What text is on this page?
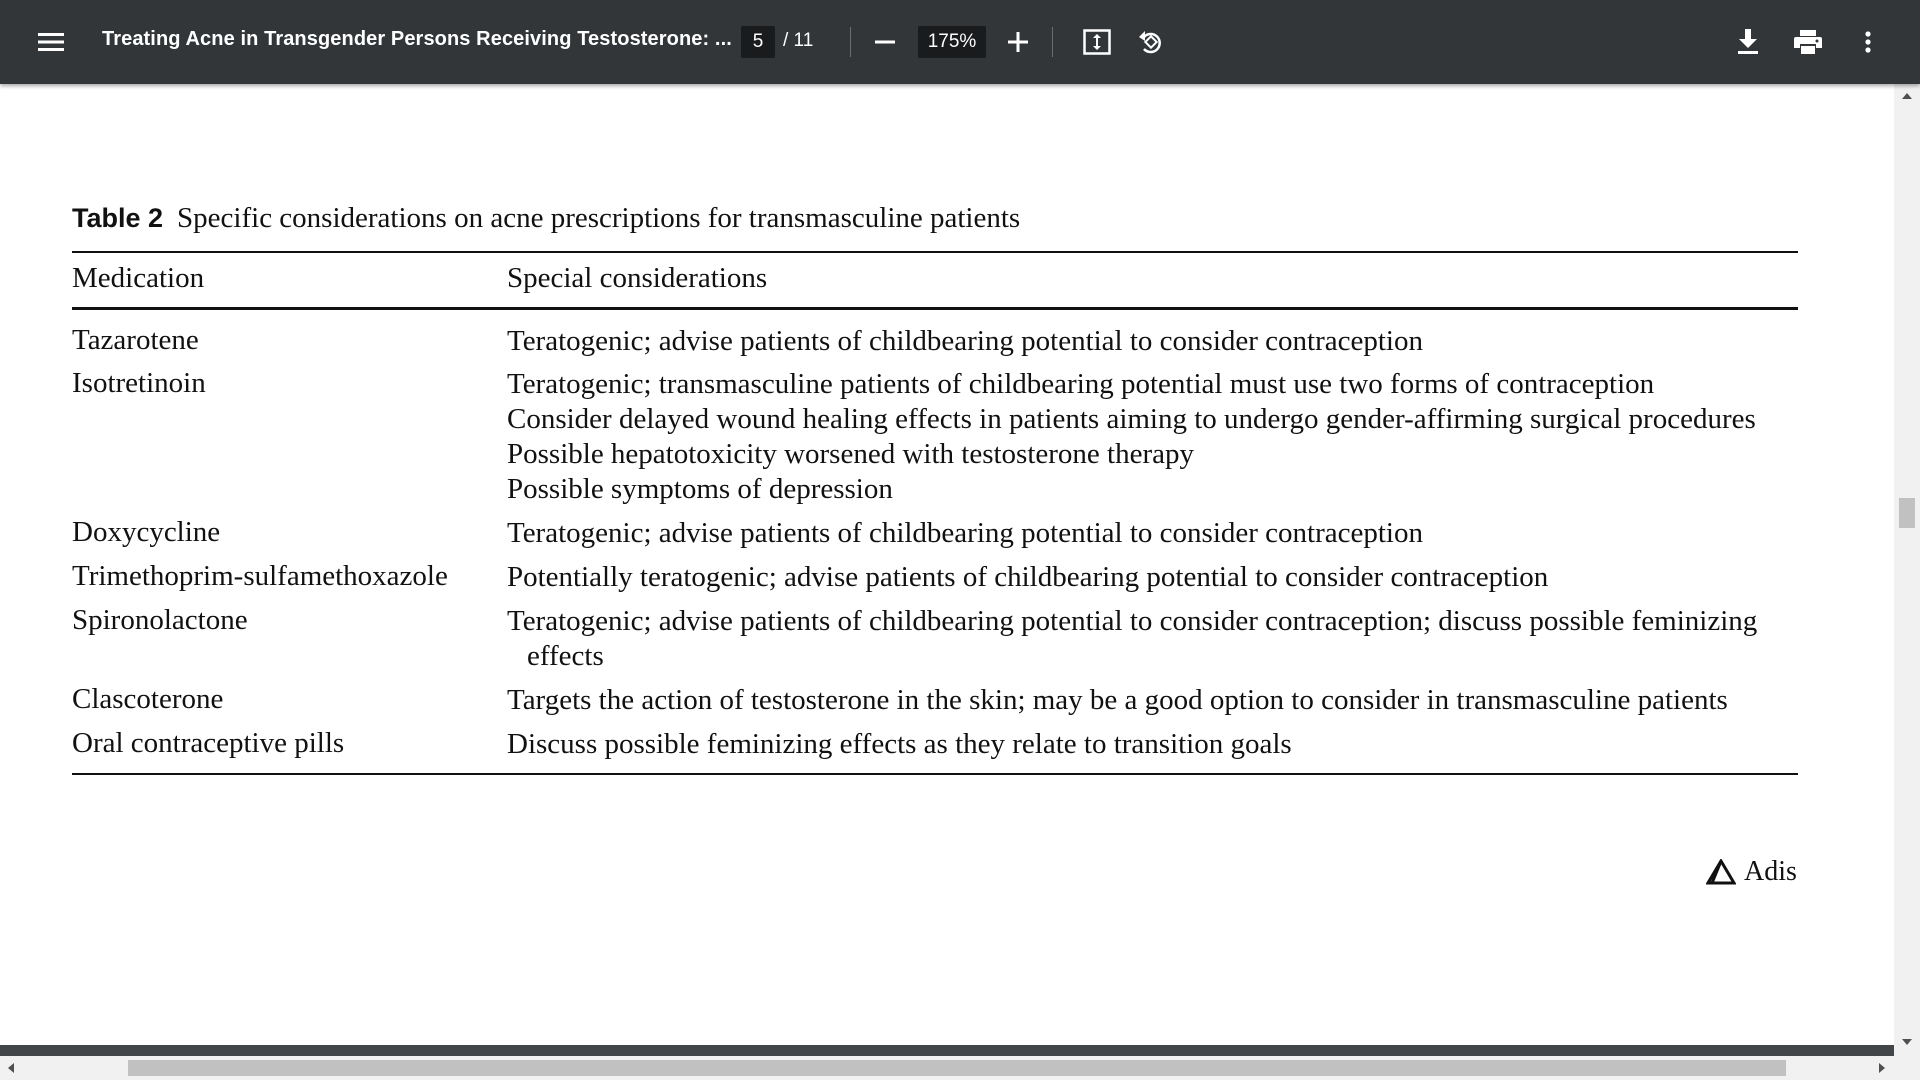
Treating Acne in Transgender Persons Receiving Testosterone: ...
5	/ 11
175%
Table 2 Specific considerations on acne prescriptions for transmasculine patients
Medication	Special considerations
Tazarotene	Teratogenic; advise patients of childbearing potential to consider contraception
Isotretinoin	Teratogenic; transmasculine patients of childbearing potential must use two forms of contraception
Consider delayed wound healing effects in patients aiming to undergo gender-affirming surgical procedures
Possible hepatotoxicity worsened with testosterone therapy
Possible symptoms of depression
Doxycycline	Teratogenic; advise patients of childbearing potential to consider contraception
Trimethoprim-sulfamethoxazole Potentially teratogenic; advise patients of childbearing potential to consider contraception
Spironolactone	Teratogenic; advise patients of childbearing potential to consider contraception; discuss possible feminizing
effects
Clascoterone	Targets the action of testosterone in the skin; may be a good option to consider in transmasculine patients
Oral contraceptive pills	Discuss possible feminizing effects as they relate to transition goals
Adis
